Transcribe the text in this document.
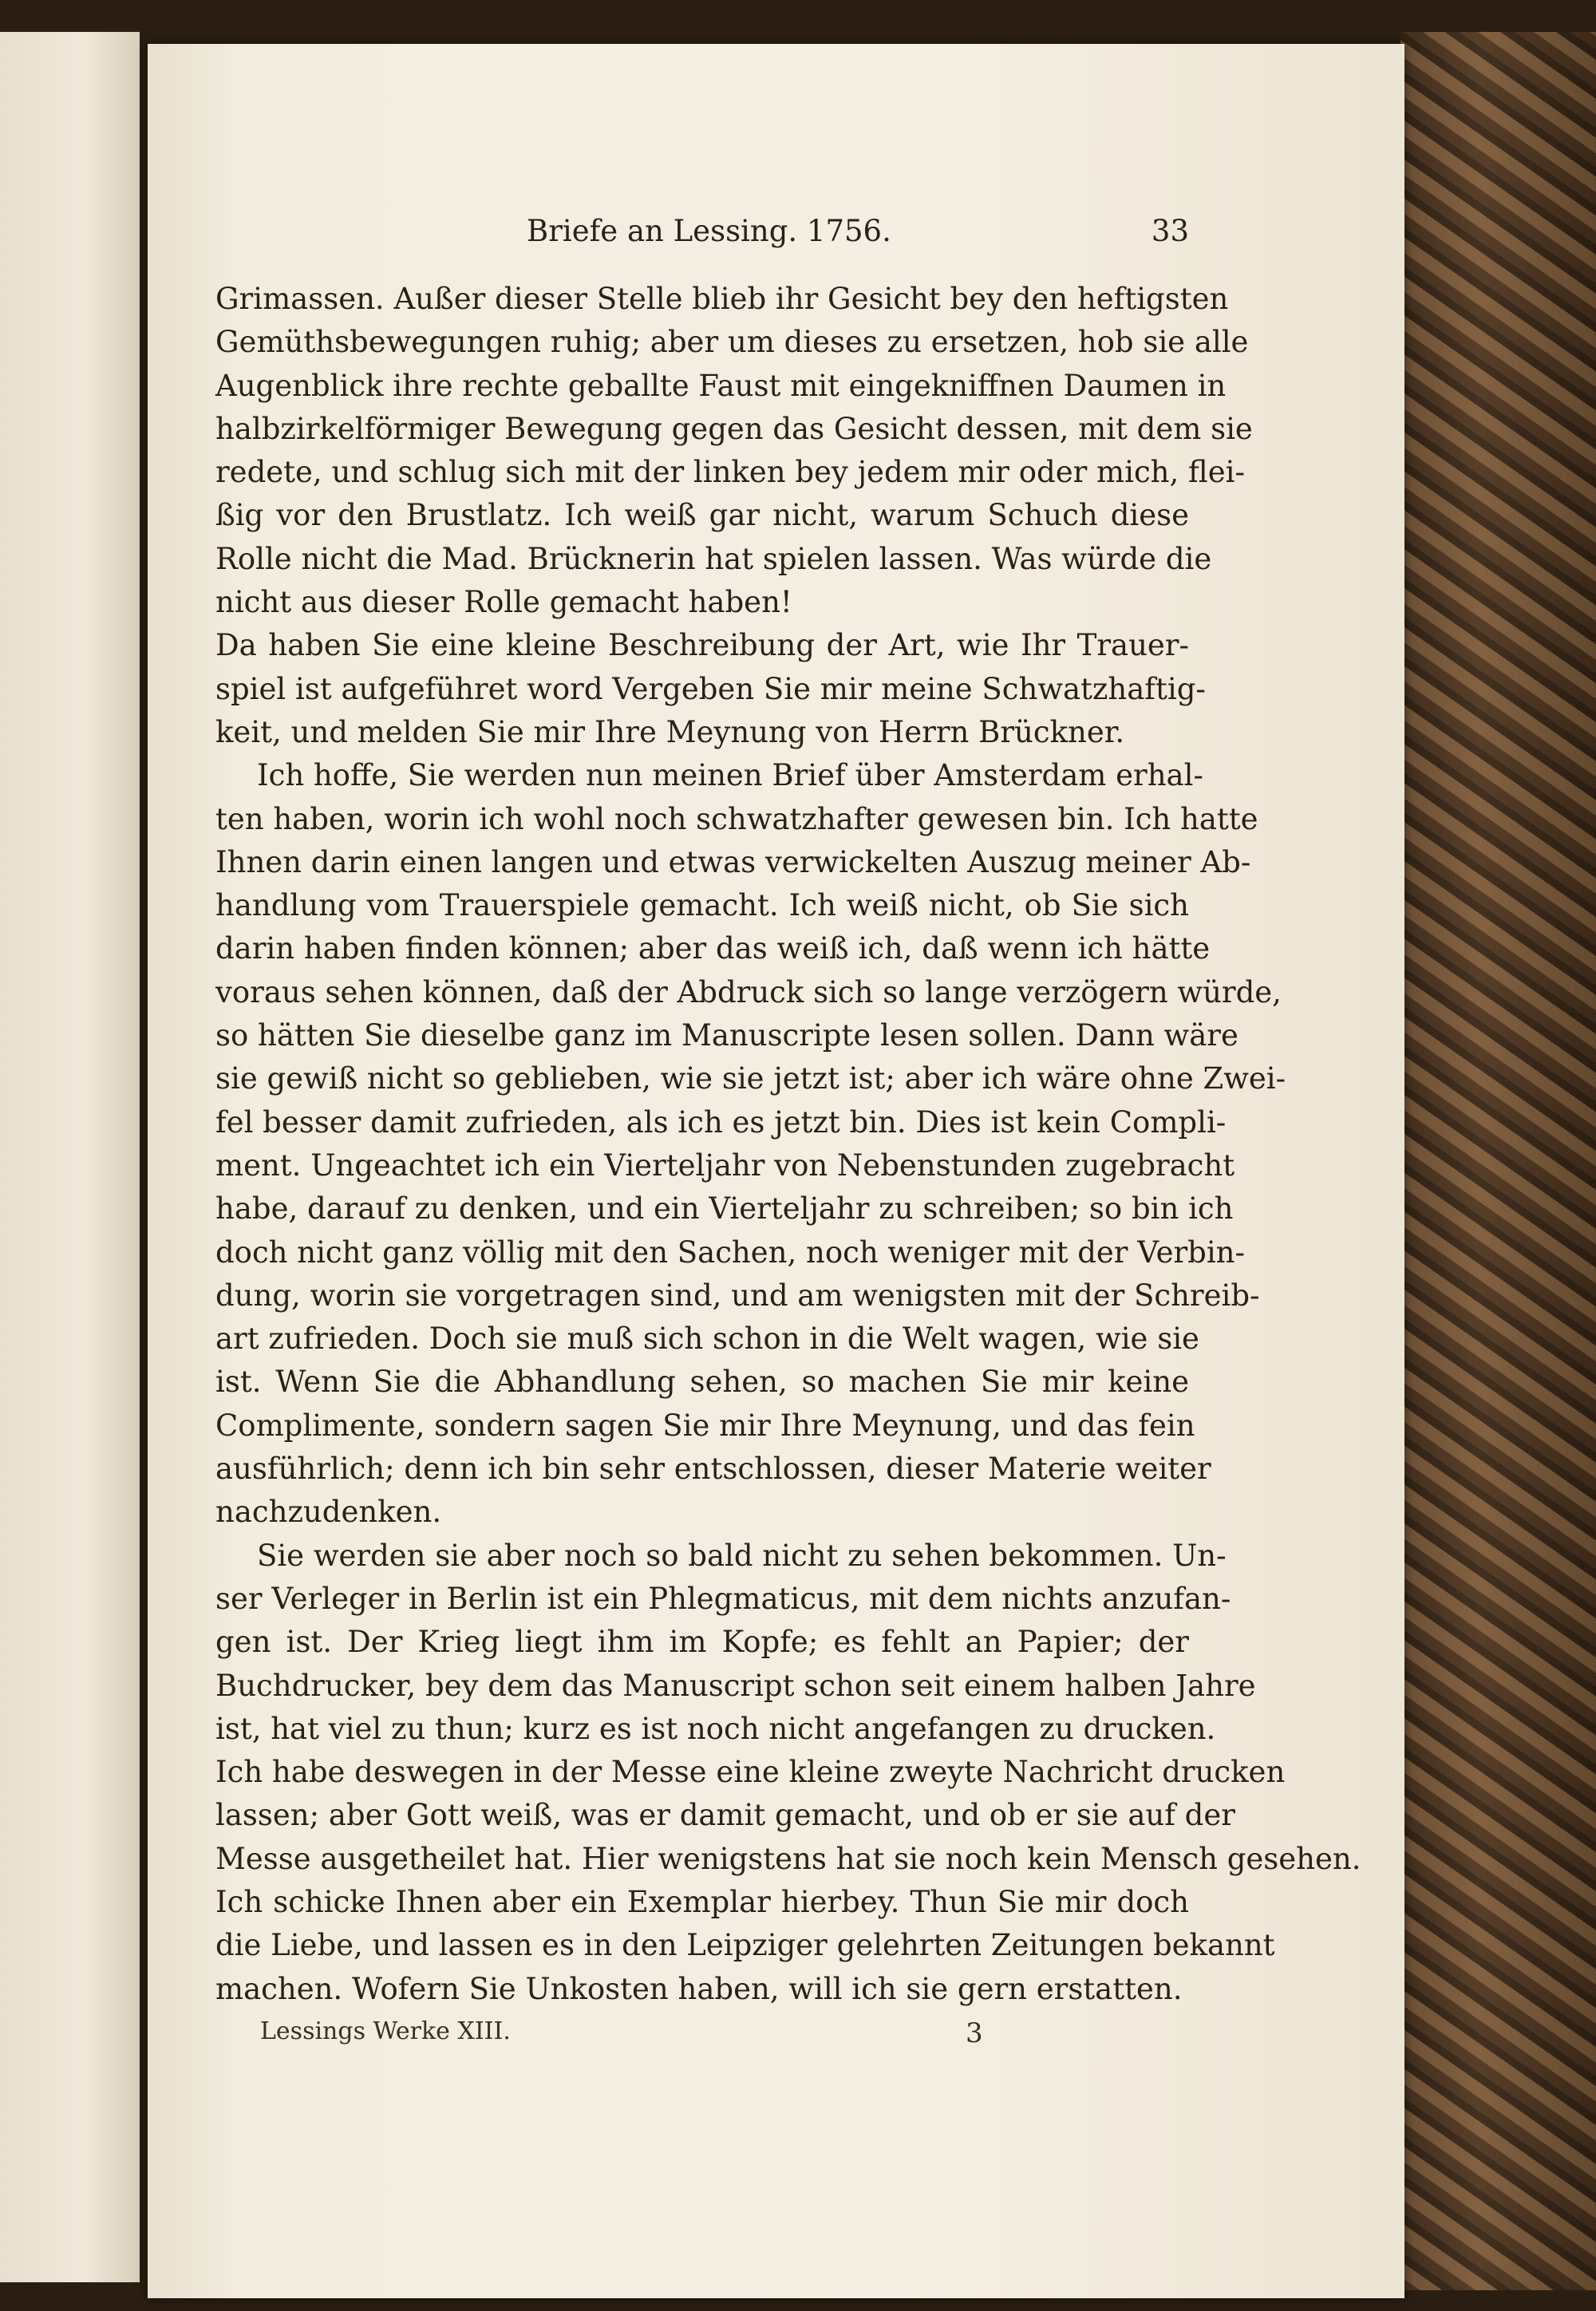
Briefe an Lessing. 1756.	33
Grimassen. Außer dieser Stelle blieb ihr Gesicht bey den heftigsten
Gemüthsbewegungen ruhig; aber um dieses zu ersetzen, hob sie alle
Augenblick ihre rechte geballte Faust mit eingekniffnen Daumen in
halbzirkelförmiger Bewegung gegen das Gesicht dessen, mit dem sie
redete, und schlug sich mit der linken bey jedem mir oder mich, flei-
ßig vor den Brustlatz. Ich weiß gar nicht, warum Schuch diese
Rolle nicht die Mad. Brücknerin hat spielen lassen. Was würde die
nicht aus dieser Rolle gemacht haben!
Da haben Sie eine kleine Beschreibung der Art, wie Ihr Trauer-
spiel ist aufgeführet word Vergeben Sie mir meine Schwatzhaftig-
keit, und melden Sie mir Ihre Meynung von Herrn Brückner.
Ich hoffe, Sie werden nun meinen Brief über Amsterdam erhal-
ten haben, worin ich wohl noch schwatzhafter gewesen bin. Ich hatte
Ihnen darin einen langen und etwas verwickelten Auszug meiner Ab-
handlung vom Trauerspiele gemacht. Ich weiß nicht, ob Sie sich
darin haben finden können; aber das weiß ich, daß wenn ich hätte
voraus sehen können, daß der Abdruck sich so lange verzögern würde,
so hätten Sie dieselbe ganz im Manuscripte lesen sollen. Dann wäre
sie gewiß nicht so geblieben, wie sie jetzt ist; aber ich wäre ohne Zwei-
fel besser damit zufrieden, als ich es jetzt bin. Dies ist kein Compli-
ment. Ungeachtet ich ein Vierteljahr von Nebenstunden zugebracht
habe, darauf zu denken, und ein Vierteljahr zu schreiben; so bin ich
doch nicht ganz völlig mit den Sachen, noch weniger mit der Verbin-
dung, worin sie vorgetragen sind, und am wenigsten mit der Schreib-
art zufrieden. Doch sie muß sich schon in die Welt wagen, wie sie
ist. Wenn Sie die Abhandlung sehen, so machen Sie mir keine
Complimente, sondern sagen Sie mir Ihre Meynung, und das fein
ausführlich; denn ich bin sehr entschlossen, dieser Materie weiter
nachzudenken.
Sie werden sie aber noch so bald nicht zu sehen bekommen. Un-
ser Verleger in Berlin ist ein Phlegmaticus, mit dem nichts anzufan-
gen ist. Der Krieg liegt ihm im Kopfe; es fehlt an Papier; der
Buchdrucker, bey dem das Manuscript schon seit einem halben Jahre
ist, hat viel zu thun; kurz es ist noch nicht angefangen zu drucken.
Ich habe deswegen in der Messe eine kleine zweyte Nachricht drucken
lassen; aber Gott weiß, was er damit gemacht, und ob er sie auf der
Messe ausgetheilet hat. Hier wenigstens hat sie noch kein Mensch gesehen.
Ich schicke Ihnen aber ein Exemplar hierbey. Thun Sie mir doch
die Liebe, und lassen es in den Leipziger gelehrten Zeitungen bekannt
machen. Wofern Sie Unkosten haben, will ich sie gern erstatten.
Lessings Werke XIII.	3
